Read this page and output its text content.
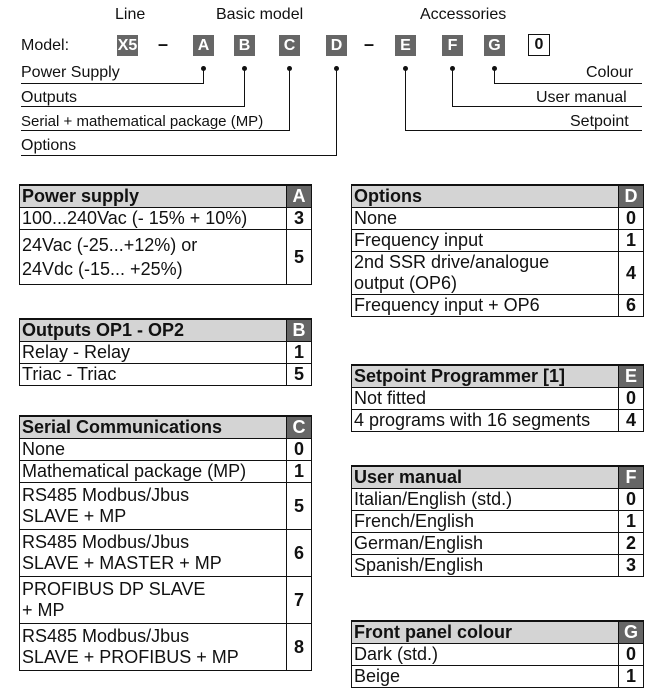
Line	Basic model	Accessories
Model:	X5 – A B C D –	E	F	G	0
Power Supply
Outputs
Serial + mathematical package (MP)
Options
Colour
User manual
Setpoint
Power supply	A
100...240Vac (- 15% + 10%)	3

24Vac (-25...+12%) or
24Vdc (-15... +25%)	5
Outputs OP1 - OP2	B
Relay - Relay	1
Triac - Triac	5
Serial Communications	C
None	0
Mathematical package (MP)	1

RS485 Modbus/Jbus
SLAVE + MP	5

RS485 Modbus/Jbus
SLAVE + MASTER + MP	6

PROFIBUS DP SLAVE
+ MP	7

RS485 Modbus/Jbus
SLAVE + PROFIBUS + MP	8
Options	D
None	0
Frequency input	1

2nd SSR drive/analogue
output (OP6)	4
Frequency input + OP6	6
Setpoint Programmer [1]	E
Not fitted	0
4 programs with 16 segments	4
User manual	F
Italian/English (std.)	0
French/English	1
German/English	2
Spanish/English	3
Front panel colour	G
Dark (std.)	0
Beige	1
